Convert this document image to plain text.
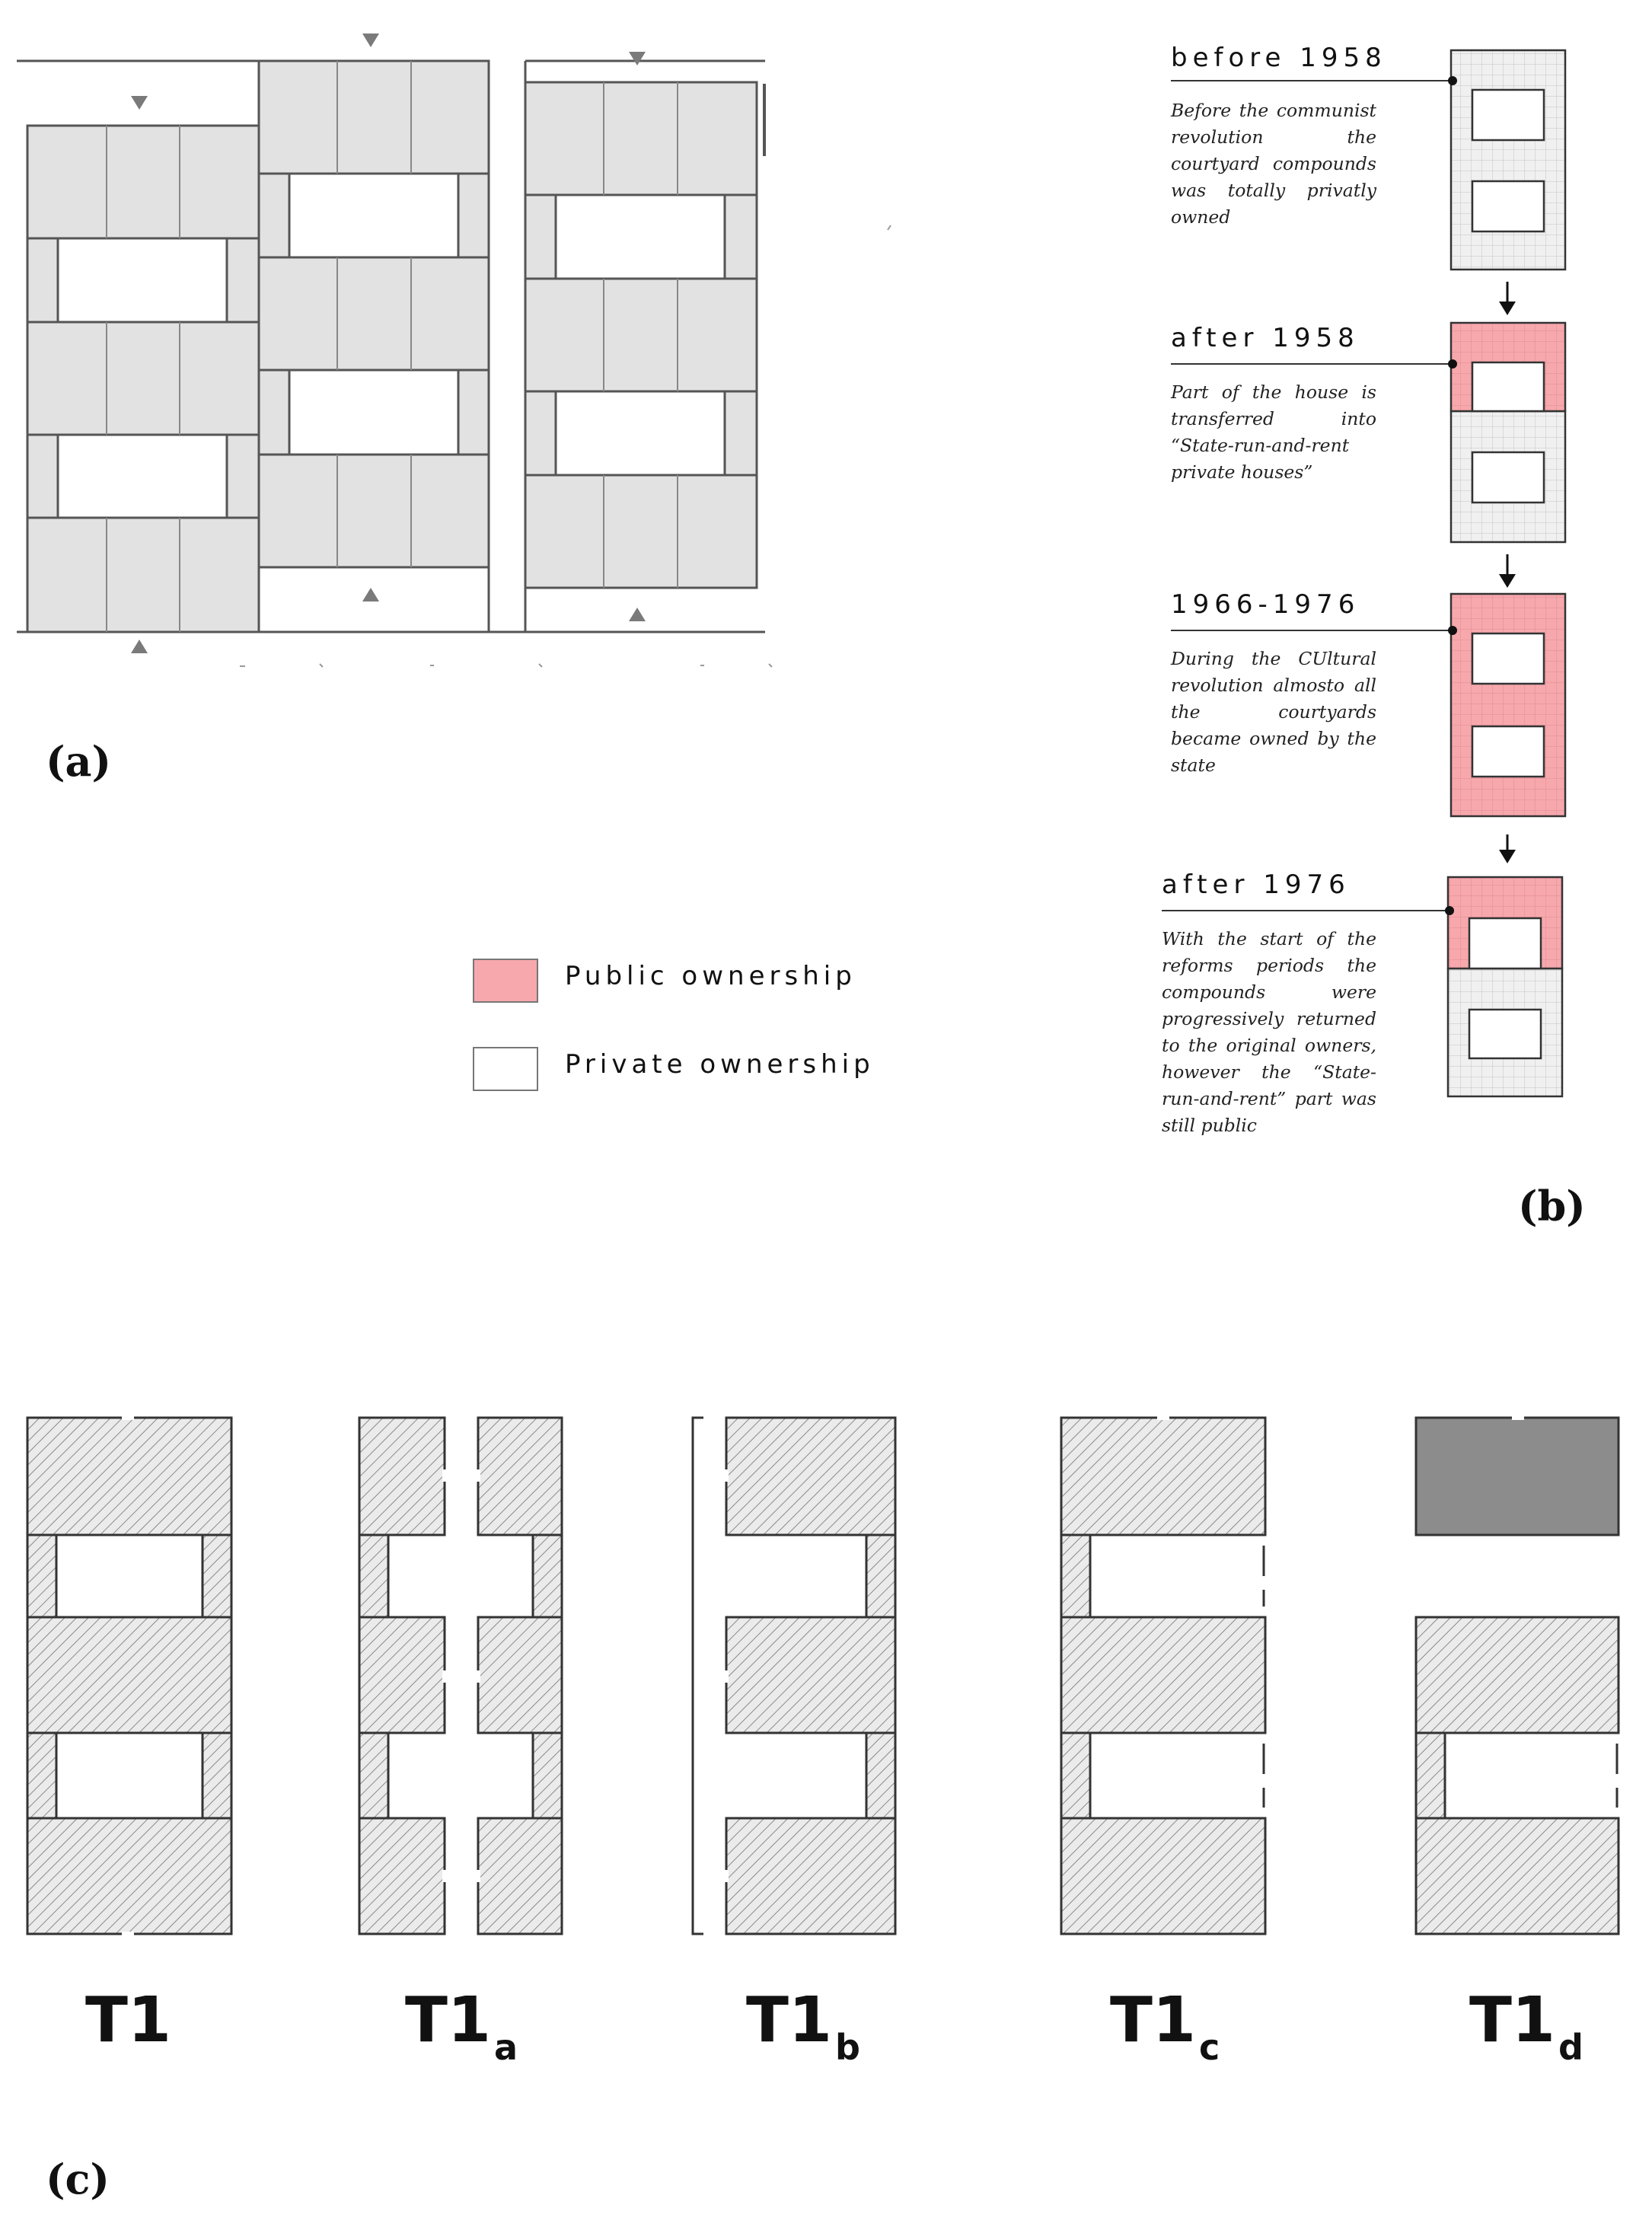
(a)
(b)
(c)
before 1958
Before the communist revolution the courtyard compounds was totally privatly owned
after 1958
Part of the house is transferred into “State-run-and-rent private houses”
1966-1976
During the CUltural revolution almosto all the courtyards became owned by the state
after 1976
With the start of the reforms periods the compounds were progressively returned to the original owners, however the “State-run-and-rent” part was still public
Public ownership
Private ownership
T1	$T1_a$	$T1_b$	$T1_c$	$T1_d$
